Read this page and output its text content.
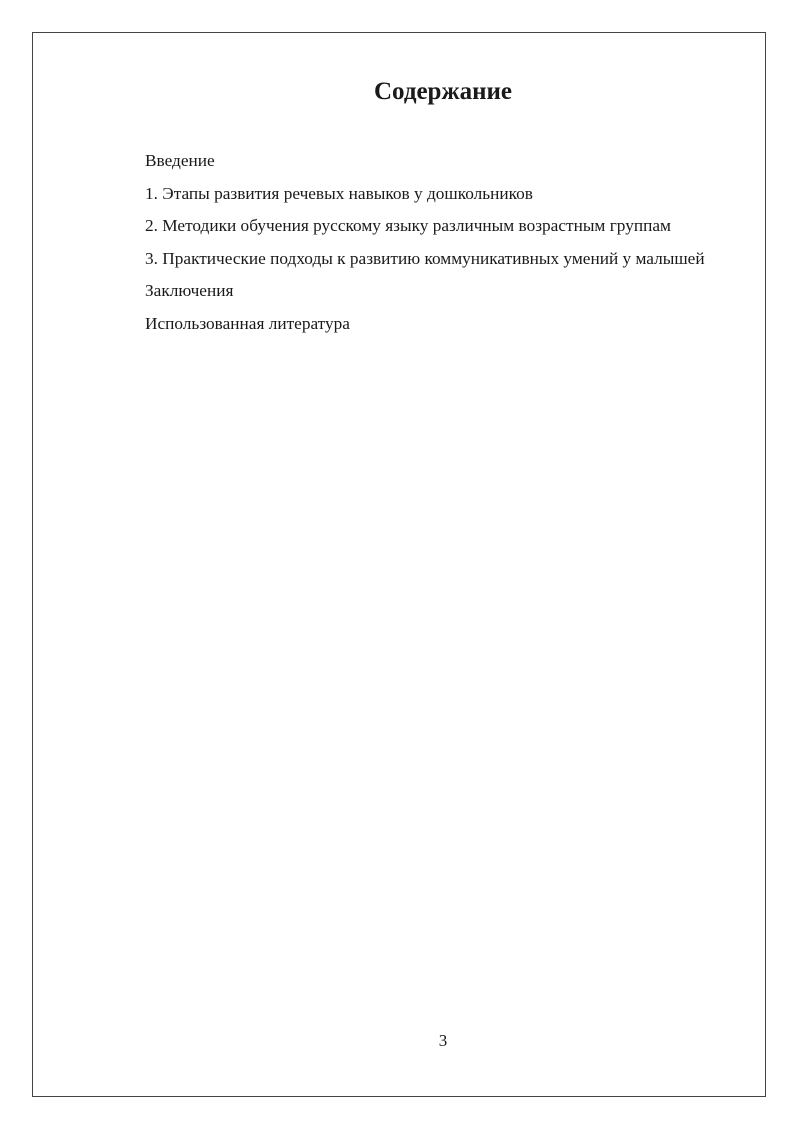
Содержание
Введение
1. Этапы развития речевых навыков у дошкольников
2. Методики обучения русскому языку различным возрастным группам
3. Практические подходы к развитию коммуникативных умений у малышей
Заключения
Использованная литература
3
